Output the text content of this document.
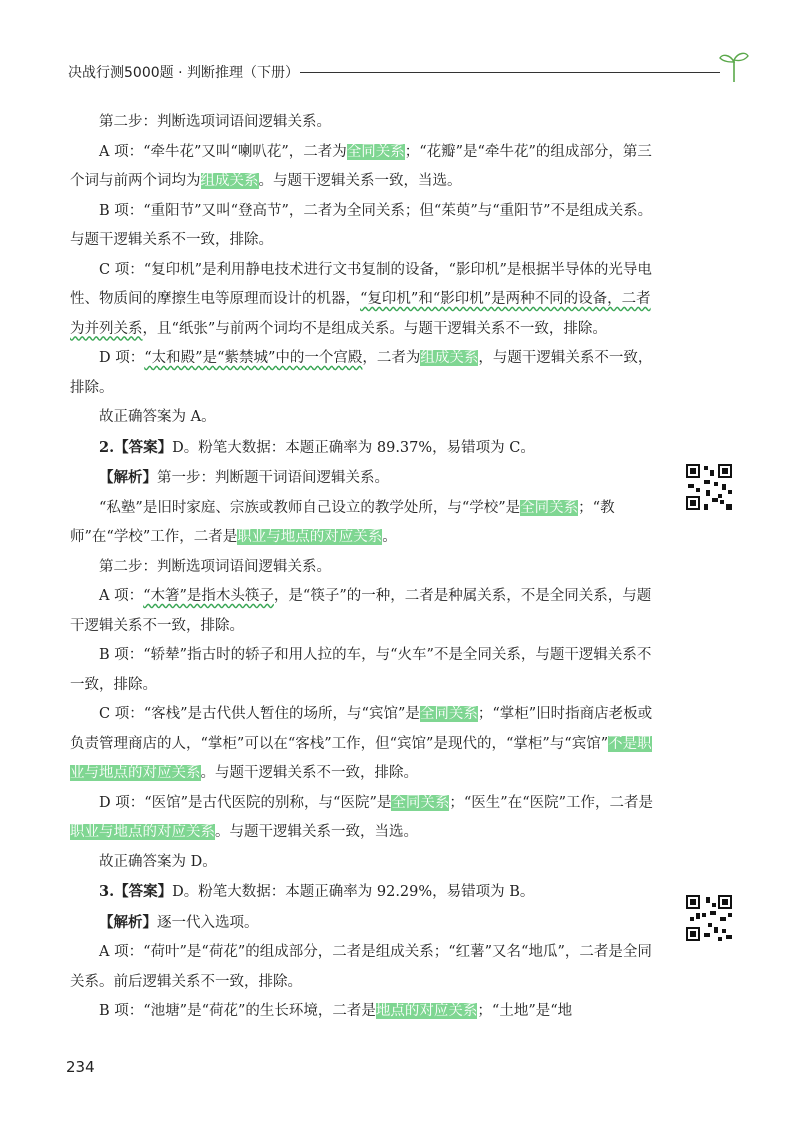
决战行测5000题 · 判断推理（下册）

第二步：判断选项词语间逻辑关系。

A 项：“牵牛花”又叫“喇叭花”，二者为全同关系；“花瓣”是“牵牛花”的组成部分，第三个词与前两个词均为组成关系。与题干逻辑关系一致，当选。

B 项：“重阳节”又叫“登高节”，二者为全同关系；但“茱萸”与“重阳节”不是组成关系。与题干逻辑关系不一致，排除。

C 项：“复印机”是利用静电技术进行文书复制的设备，“影印机”是根据半导体的光导电性、物质间的摩擦生电等原理而设计的机器，“复印机”和“影印机”是两种不同的设备，二者为并列关系，且“纸张”与前两个词均不是组成关系。与题干逻辑关系不一致，排除。

D 项：“太和殿”是“紫禁城”中的一个宫殿，二者为组成关系，与题干逻辑关系不一致，排除。

故正确答案为 A。

2.【答案】D。粉笔大数据：本题正确率为 89.37%，易错项为 C。

【解析】第一步：判断题干词语间逻辑关系。

“私塾”是旧时家庭、宗族或教师自己设立的教学处所，与“学校”是全同关系；“教师”在“学校”工作，二者是职业与地点的对应关系。

第二步：判断选项词语间逻辑关系。

A 项：“木箸”是指木头筷子，是“筷子”的一种，二者是种属关系，不是全同关系，与题干逻辑关系不一致，排除。

B 项：“轿辇”指古时的轿子和用人拉的车，与“火车”不是全同关系，与题干逻辑关系不一致，排除。

C 项：“客栈”是古代供人暂住的场所，与“宾馆”是全同关系；“掌柜”旧时指商店老板或负责管理商店的人，“掌柜”可以在“客栈”工作，但“宾馆”是现代的，“掌柜”与“宾馆”不是职业与地点的对应关系。与题干逻辑关系不一致，排除。

D 项：“医馆”是古代医院的别称，与“医院”是全同关系；“医生”在“医院”工作，二者是职业与地点的对应关系。与题干逻辑关系一致，当选。

故正确答案为 D。

3.【答案】D。粉笔大数据：本题正确率为 92.29%，易错项为 B。

【解析】逐一代入选项。

A 项：“荷叶”是“荷花”的组成部分，二者是组成关系；“红薯”又名“地瓜”，二者是全同关系。前后逻辑关系不一致，排除。

B 项：“池塘”是“荷花”的生长环境，二者是地点的对应关系；“土地”是“地

234
